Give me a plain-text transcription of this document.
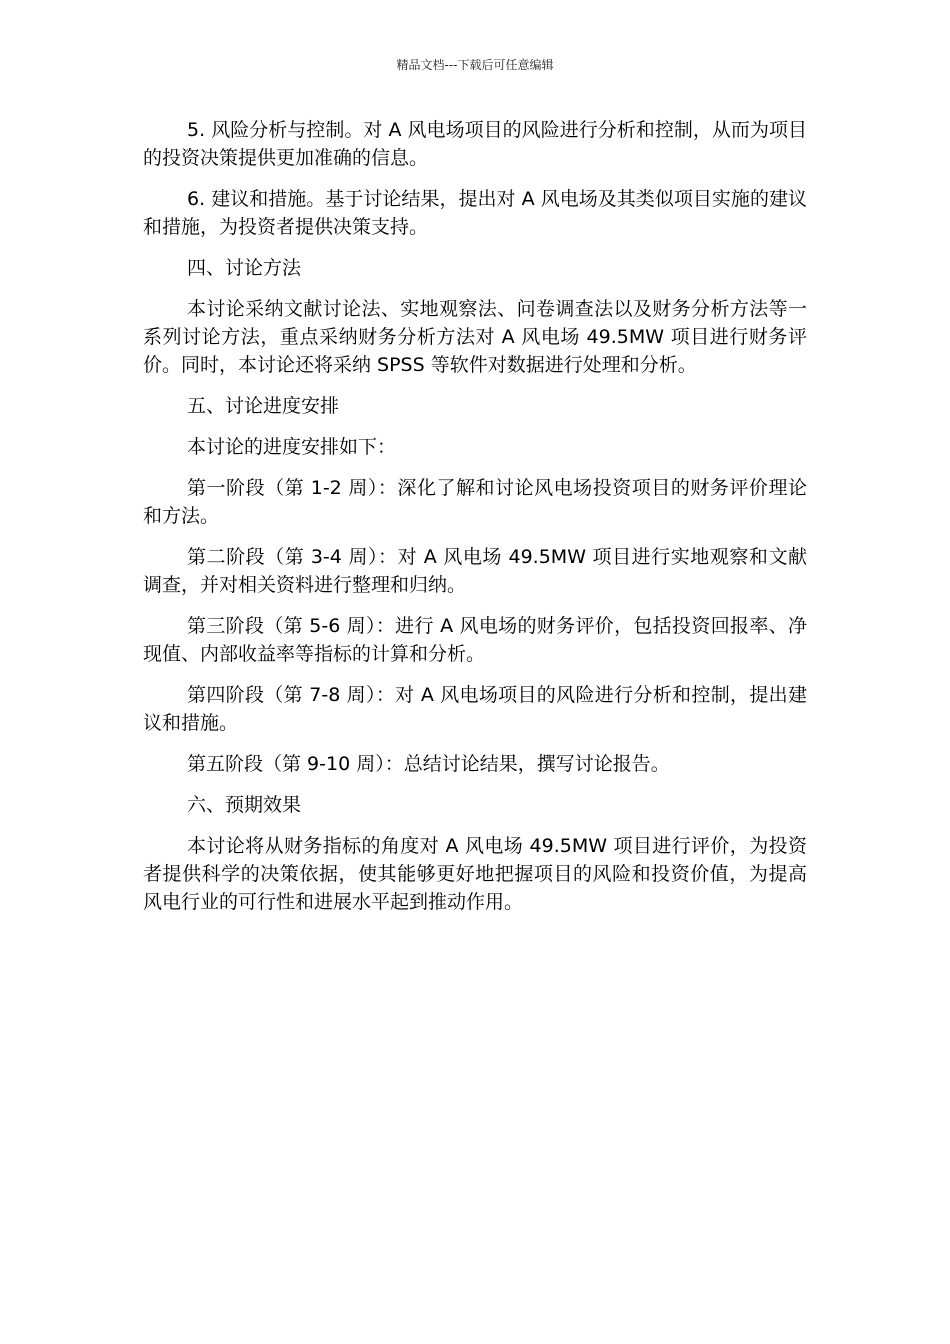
精品文档---下载后可任意编辑

5. 风险分析与控制。对 A 风电场项目的风险进行分析和控制，从而为项目的投资决策提供更加准确的信息。

6. 建议和措施。基于讨论结果，提出对 A 风电场及其类似项目实施的建议和措施，为投资者提供决策支持。

四、讨论方法

本讨论采纳文献讨论法、实地观察法、问卷调查法以及财务分析方法等一系列讨论方法，重点采纳财务分析方法对 A 风电场 49.5MW 项目进行财务评价。同时，本讨论还将采纳 SPSS 等软件对数据进行处理和分析。

五、讨论进度安排

本讨论的进度安排如下：

第一阶段（第 1-2 周）：深化了解和讨论风电场投资项目的财务评价理论和方法。

第二阶段（第 3-4 周）：对 A 风电场 49.5MW 项目进行实地观察和文献调查，并对相关资料进行整理和归纳。

第三阶段（第 5-6 周）：进行 A 风电场的财务评价，包括投资回报率、净现值、内部收益率等指标的计算和分析。

第四阶段（第 7-8 周）：对 A 风电场项目的风险进行分析和控制，提出建议和措施。

第五阶段（第 9-10 周）：总结讨论结果，撰写讨论报告。

六、预期效果

本讨论将从财务指标的角度对 A 风电场 49.5MW 项目进行评价，为投资者提供科学的决策依据，使其能够更好地把握项目的风险和投资价值，为提高风电行业的可行性和进展水平起到推动作用。
